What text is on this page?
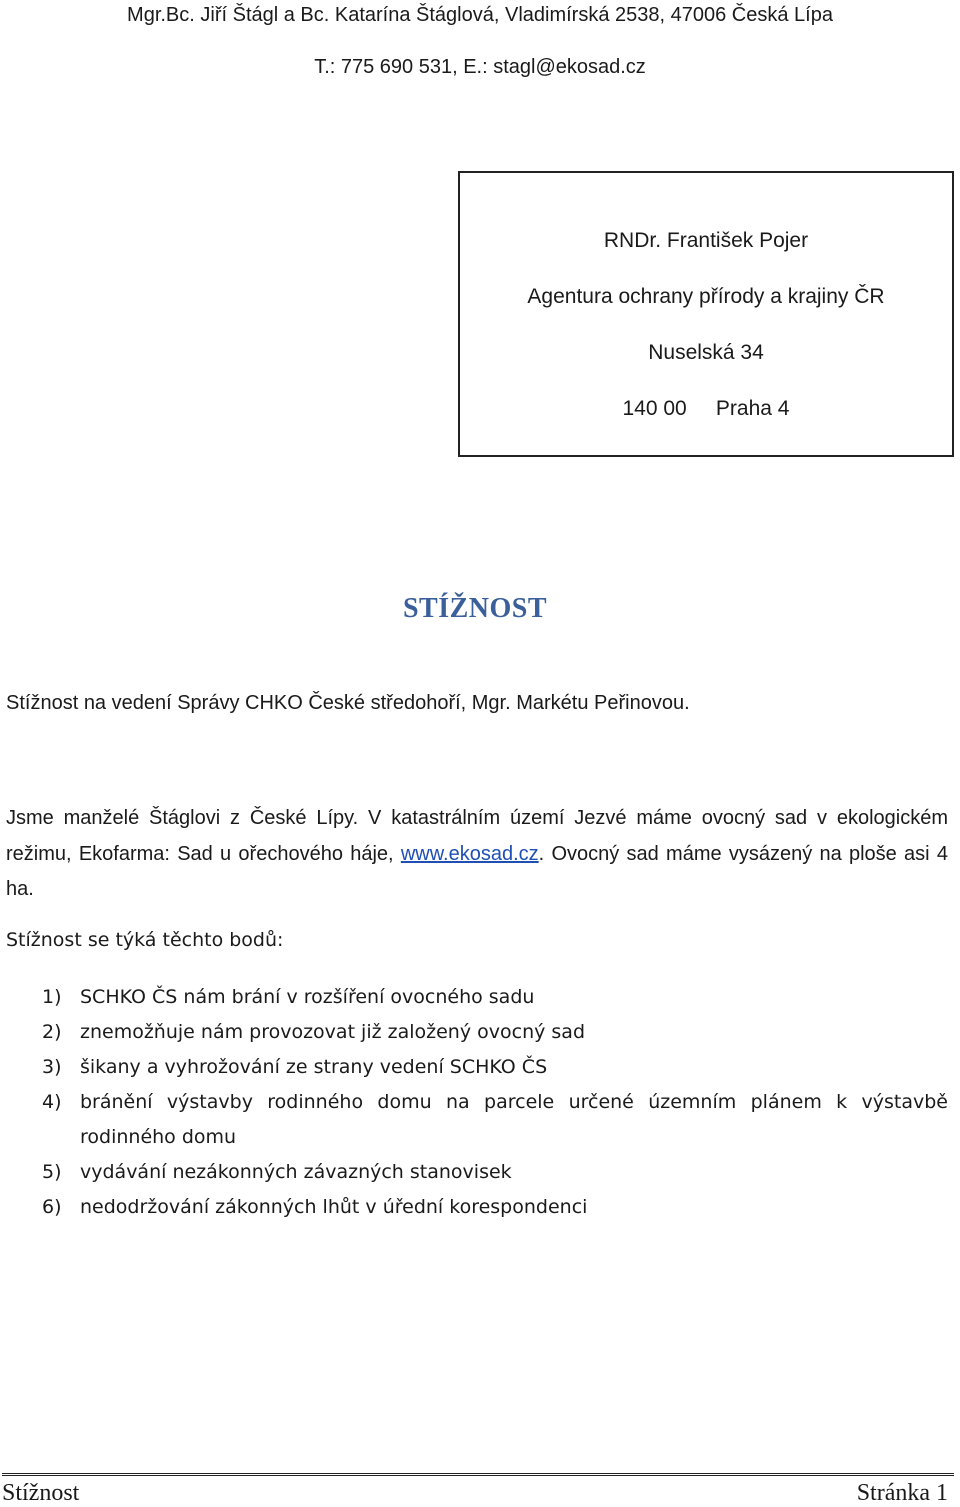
Mgr.Bc. Jiří Štágl a Bc. Katarína Štáglová, Vladimírská 2538, 47006 Česká Lípa
T.: 775 690 531, E.: stagl@ekosad.cz
RNDr. František Pojer
Agentura ochrany přírody a krajiny ČR
Nuselská 34
140 00 Praha 4
STÍŽNOST
Stížnost na vedení Správy CHKO České středohoří, Mgr. Markétu Peřinovou.
Jsme manželé Štáglovi z České Lípy. V katastrálním území Jezvé máme ovocný sad v ekologickém režimu, Ekofarma: Sad u ořechového háje, www.ekosad.cz. Ovocný sad máme vysázený na ploše asi 4 ha.
Stížnost se týká těchto bodů:
1) SCHKO ČS nám brání v rozšíření ovocného sadu
2) znemožňuje nám provozovat již založený ovocný sad
3) šikany a vyhrožování ze strany vedení SCHKO ČS
4) bránění výstavby rodinného domu na parcele určené územním plánem k výstavbě rodinného domu
5) vydávání nezákonných závazných stanovisek
6) nedodržování zákonných lhůt v úřední korespondenci
Stížnost	Stránka 1
